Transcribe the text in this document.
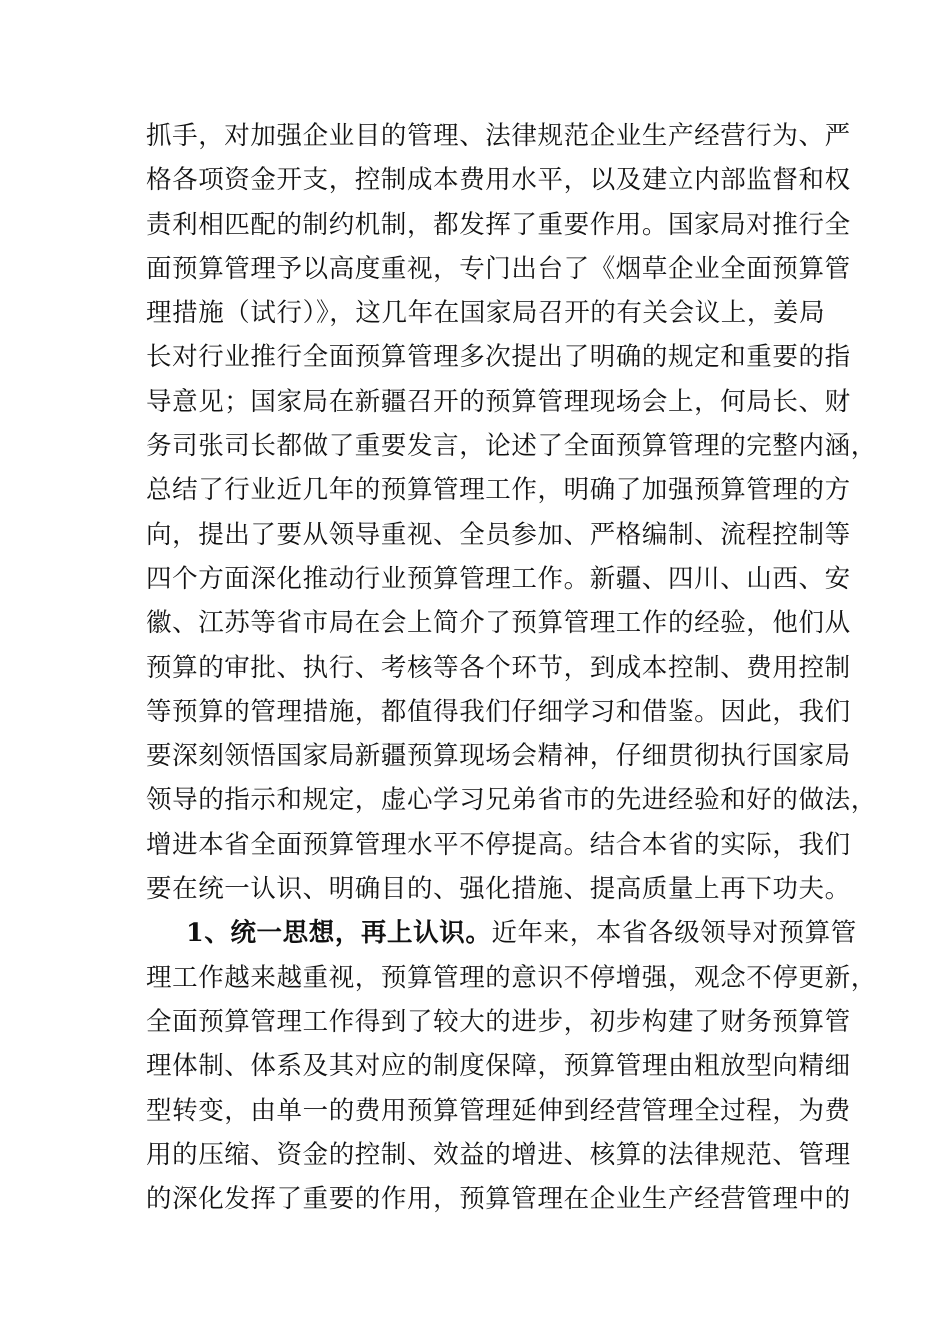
抓手，对加强企业目的管理、法律规范企业生产经营行为、严
格各项资金开支，控制成本费用水平，以及建立内部监督和权
责利相匹配的制约机制，都发挥了重要作用。国家局对推行全
面预算管理予以高度重视，专门出台了《烟草企业全面预算管
理措施（试行）》，这几年在国家局召开的有关会议上，姜局
长对行业推行全面预算管理多次提出了明确的规定和重要的指
导意见；国家局在新疆召开的预算管理现场会上，何局长、财
务司张司长都做了重要发言，论述了全面预算管理的完整内涵，
总结了行业近几年的预算管理工作，明确了加强预算管理的方
向，提出了要从领导重视、全员参加、严格编制、流程控制等
四个方面深化推动行业预算管理工作。新疆、四川、山西、安
徽、江苏等省市局在会上简介了预算管理工作的经验，他们从
预算的审批、执行、考核等各个环节，到成本控制、费用控制
等预算的管理措施，都值得我们仔细学习和借鉴。因此，我们
要深刻领悟国家局新疆预算现场会精神，仔细贯彻执行国家局
领导的指示和规定，虚心学习兄弟省市的先进经验和好的做法，
增进本省全面预算管理水平不停提高。结合本省的实际，我们
要在统一认识、明确目的、强化措施、提高质量上再下功夫。
1、统一思想，再上认识。近年来，本省各级领导对预算管
理工作越来越重视，预算管理的意识不停增强，观念不停更新，
全面预算管理工作得到了较大的进步，初步构建了财务预算管
理体制、体系及其对应的制度保障，预算管理由粗放型向精细
型转变，由单一的费用预算管理延伸到经营管理全过程，为费
用的压缩、资金的控制、效益的增进、核算的法律规范、管理
的深化发挥了重要的作用，预算管理在企业生产经营管理中的
